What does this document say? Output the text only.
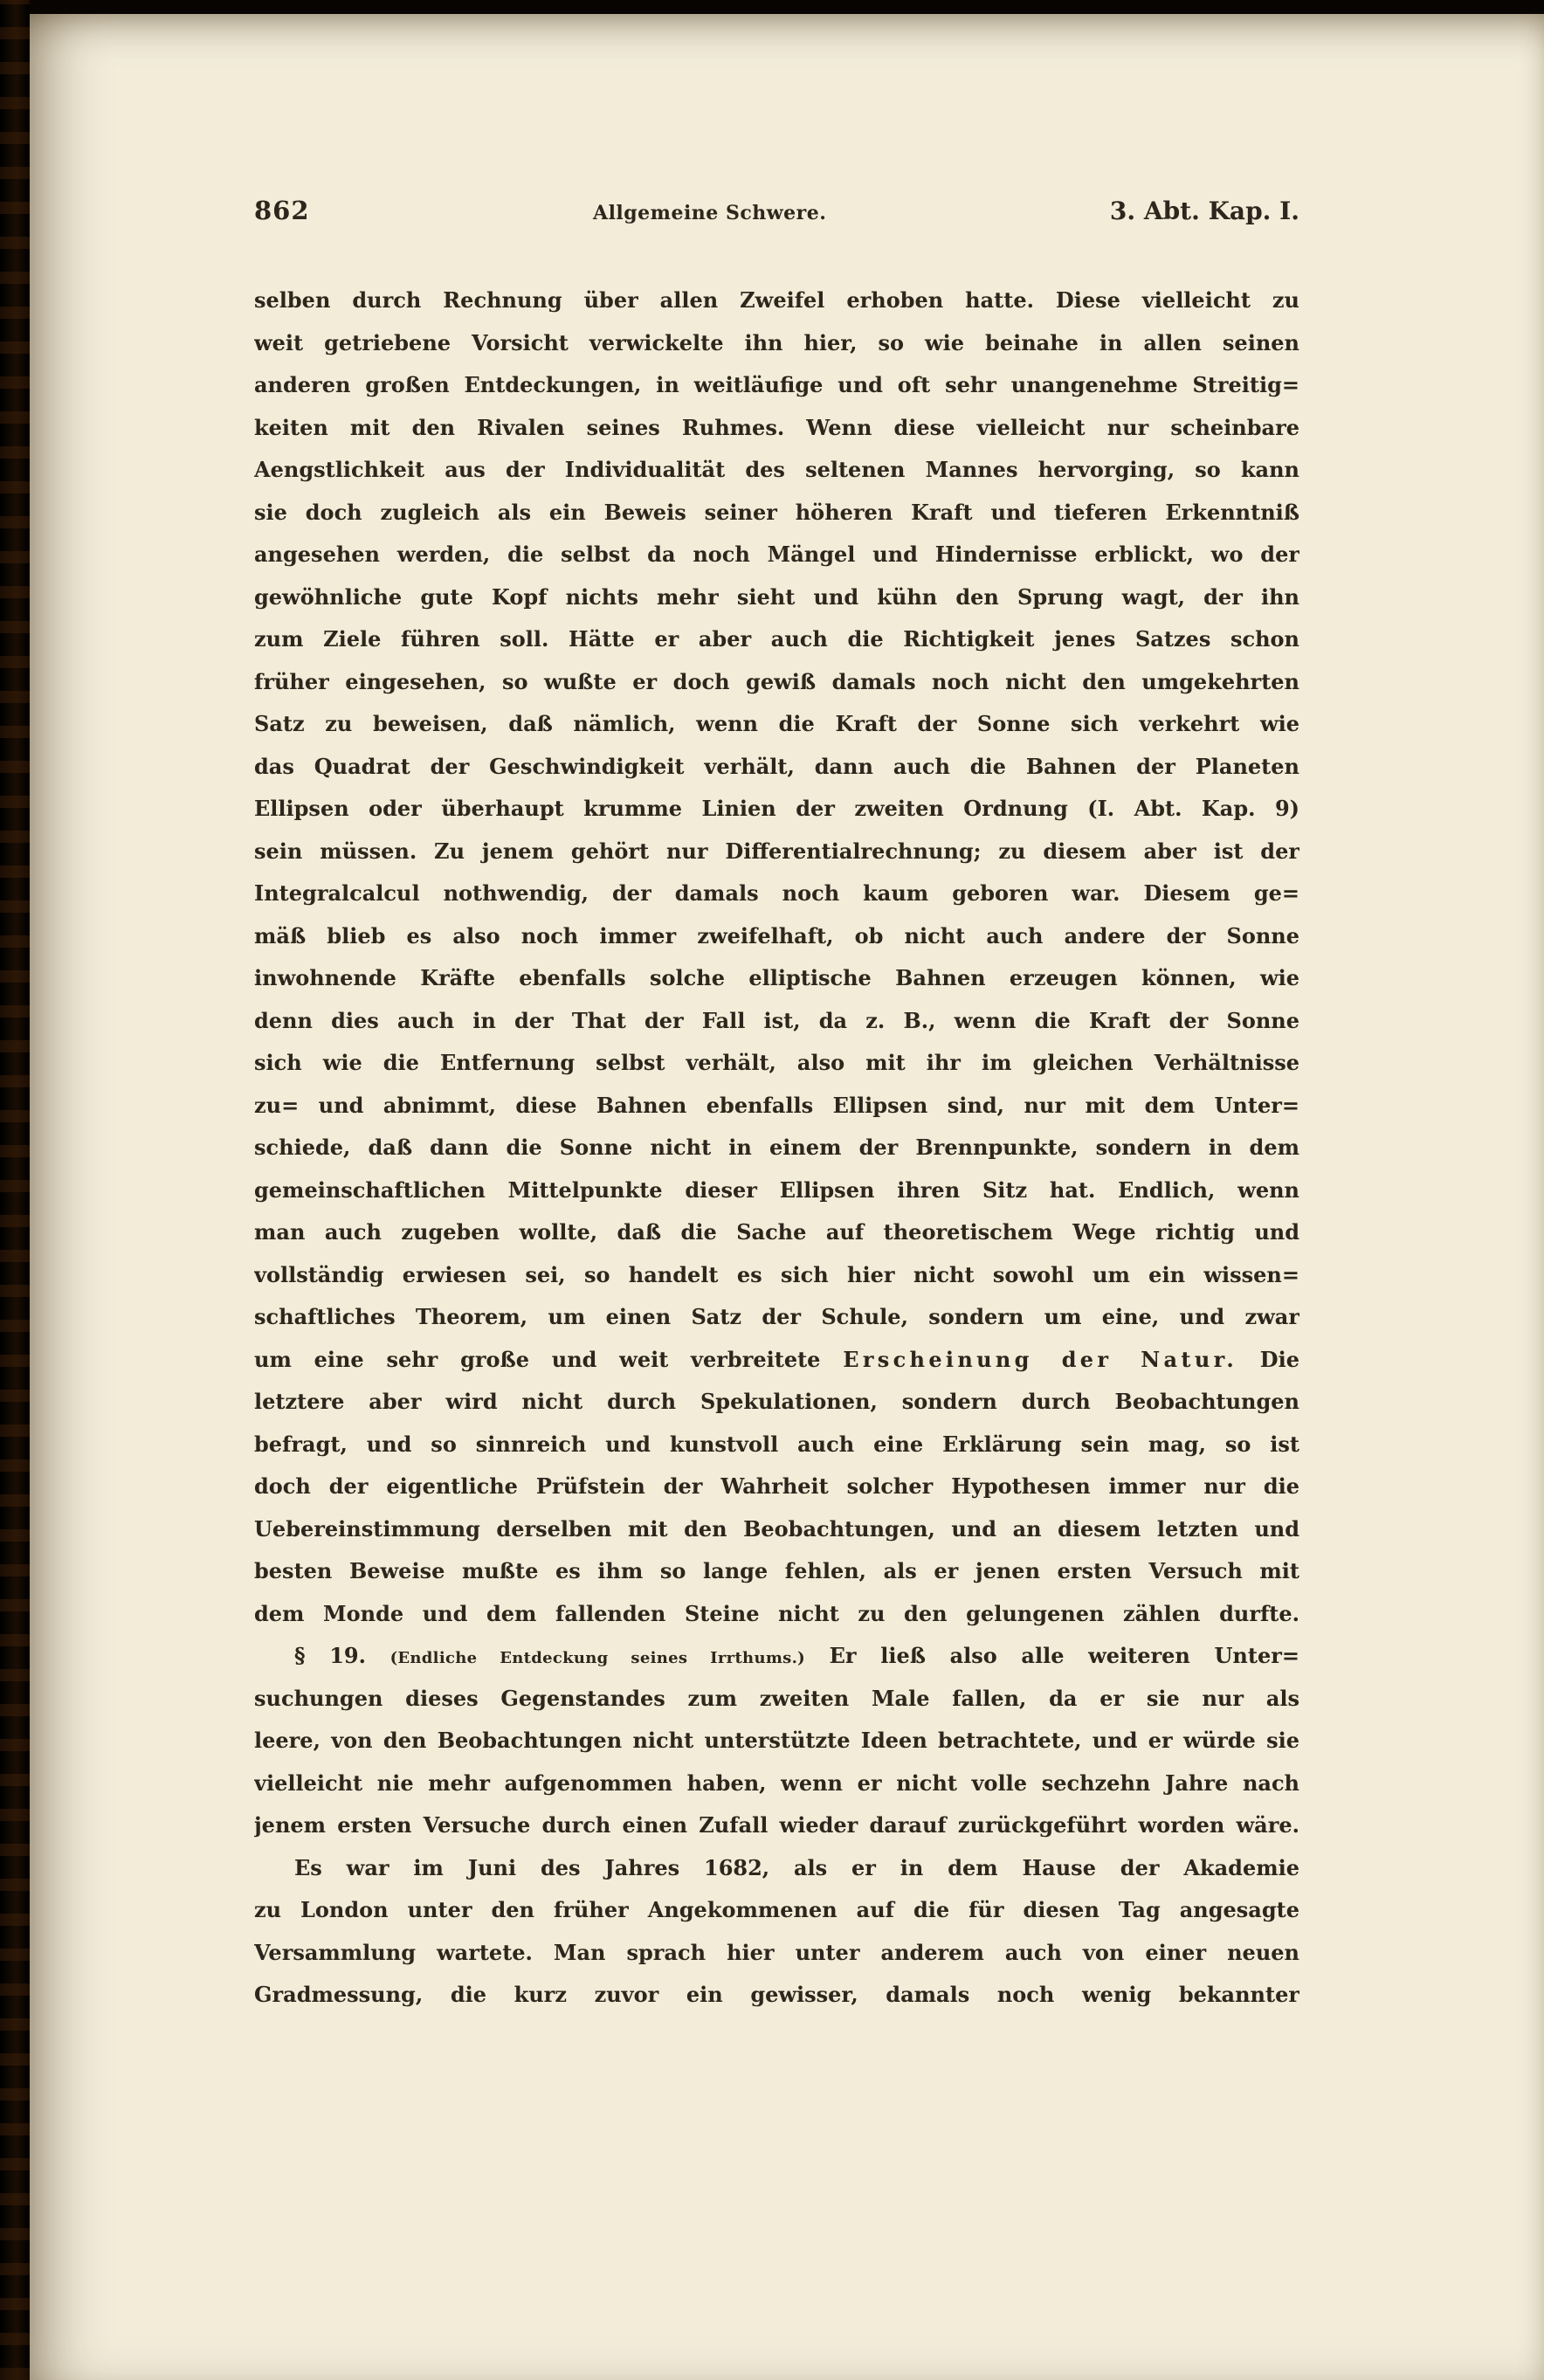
862	Allgemeine Schwere.	3. Abt. Kap. I.
selben durch Rechnung über allen Zweifel erhoben hatte. Diese vielleicht zu
weit getriebene Vorsicht verwickelte ihn hier, so wie beinahe in allen seinen
anderen großen Entdeckungen, in weitläufige und oft sehr unangenehme Streitig=
keiten mit den Rivalen seines Ruhmes. Wenn diese vielleicht nur scheinbare
Aengstlichkeit aus der Individualität des seltenen Mannes hervorging, so kann
sie doch zugleich als ein Beweis seiner höheren Kraft und tieferen Erkenntniß
angesehen werden, die selbst da noch Mängel und Hindernisse erblickt, wo der
gewöhnliche gute Kopf nichts mehr sieht und kühn den Sprung wagt, der ihn
zum Ziele führen soll. Hätte er aber auch die Richtigkeit jenes Satzes schon
früher eingesehen, so wußte er doch gewiß damals noch nicht den umgekehrten
Satz zu beweisen, daß nämlich, wenn die Kraft der Sonne sich verkehrt wie
das Quadrat der Geschwindigkeit verhält, dann auch die Bahnen der Planeten
Ellipsen oder überhaupt krumme Linien der zweiten Ordnung (I. Abt. Kap. 9)
sein müssen. Zu jenem gehört nur Differentialrechnung; zu diesem aber ist der
Integralcalcul nothwendig, der damals noch kaum geboren war. Diesem ge=
mäß blieb es also noch immer zweifelhaft, ob nicht auch andere der Sonne
inwohnende Kräfte ebenfalls solche elliptische Bahnen erzeugen können, wie
denn dies auch in der That der Fall ist, da z. B., wenn die Kraft der Sonne
sich wie die Entfernung selbst verhält, also mit ihr im gleichen Verhältnisse
zu= und abnimmt, diese Bahnen ebenfalls Ellipsen sind, nur mit dem Unter=
schiede, daß dann die Sonne nicht in einem der Brennpunkte, sondern in dem
gemeinschaftlichen Mittelpunkte dieser Ellipsen ihren Sitz hat. Endlich, wenn
man auch zugeben wollte, daß die Sache auf theoretischem Wege richtig und
vollständig erwiesen sei, so handelt es sich hier nicht sowohl um ein wissen=
schaftliches Theorem, um einen Satz der Schule, sondern um eine, und zwar
um eine sehr große und weit verbreitete Erscheinung der Natur. Die
letztere aber wird nicht durch Spekulationen, sondern durch Beobachtungen
befragt, und so sinnreich und kunstvoll auch eine Erklärung sein mag, so ist
doch der eigentliche Prüfstein der Wahrheit solcher Hypothesen immer nur die
Uebereinstimmung derselben mit den Beobachtungen, und an diesem letzten und
besten Beweise mußte es ihm so lange fehlen, als er jenen ersten Versuch mit
dem Monde und dem fallenden Steine nicht zu den gelungenen zählen durfte.
§ 19. (Endliche Entdeckung seines Irrthums.) Er ließ also alle weiteren Unter=
suchungen dieses Gegenstandes zum zweiten Male fallen, da er sie nur als
leere, von den Beobachtungen nicht unterstützte Ideen betrachtete, und er würde sie
vielleicht nie mehr aufgenommen haben, wenn er nicht volle sechzehn Jahre nach
jenem ersten Versuche durch einen Zufall wieder darauf zurückgeführt worden wäre.
Es war im Juni des Jahres 1682, als er in dem Hause der Akademie
zu London unter den früher Angekommenen auf die für diesen Tag angesagte
Versammlung wartete. Man sprach hier unter anderem auch von einer neuen
Gradmessung, die kurz zuvor ein gewisser, damals noch wenig bekannter
